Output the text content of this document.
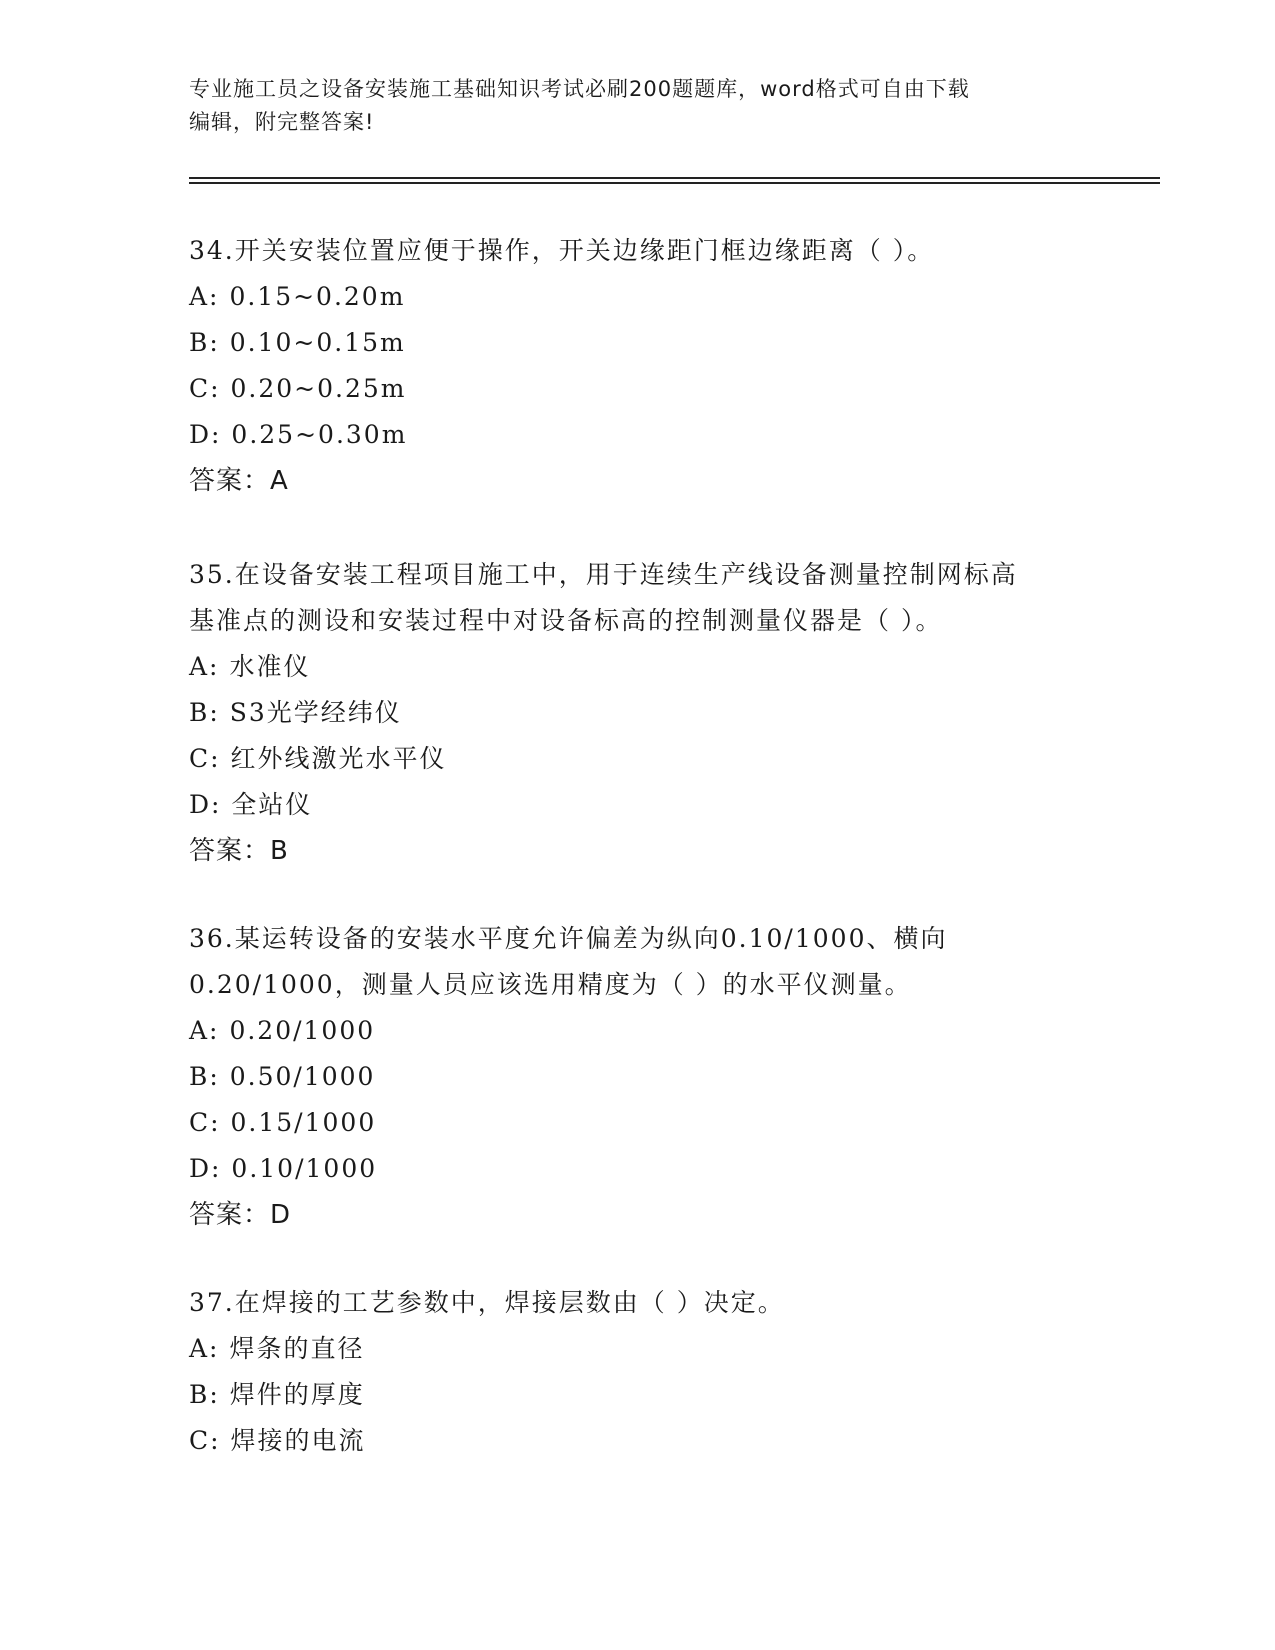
专业施工员之设备安装施工基础知识考试必刷200题题库，word格式可自由下载
编辑，附完整答案!
34.开关安装位置应便于操作，开关边缘距门框边缘距离（ ）。
A: 0.15~0.20m
B: 0.10~0.15m
C: 0.20~0.25m
D: 0.25~0.30m
答案：A
35.在设备安装工程项目施工中，用于连续生产线设备测量控制网标高
基准点的测设和安装过程中对设备标高的控制测量仪器是（ ）。
A: 水准仪
B: S3光学经纬仪
C: 红外线激光水平仪
D: 全站仪
答案：B
36.某运转设备的安装水平度允许偏差为纵向0.10/1000、横向
0.20/1000，测量人员应该选用精度为（ ）的水平仪测量。
A: 0.20/1000
B: 0.50/1000
C: 0.15/1000
D: 0.10/1000
答案：D
37.在焊接的工艺参数中，焊接层数由（ ）决定。
A: 焊条的直径
B: 焊件的厚度
C: 焊接的电流
